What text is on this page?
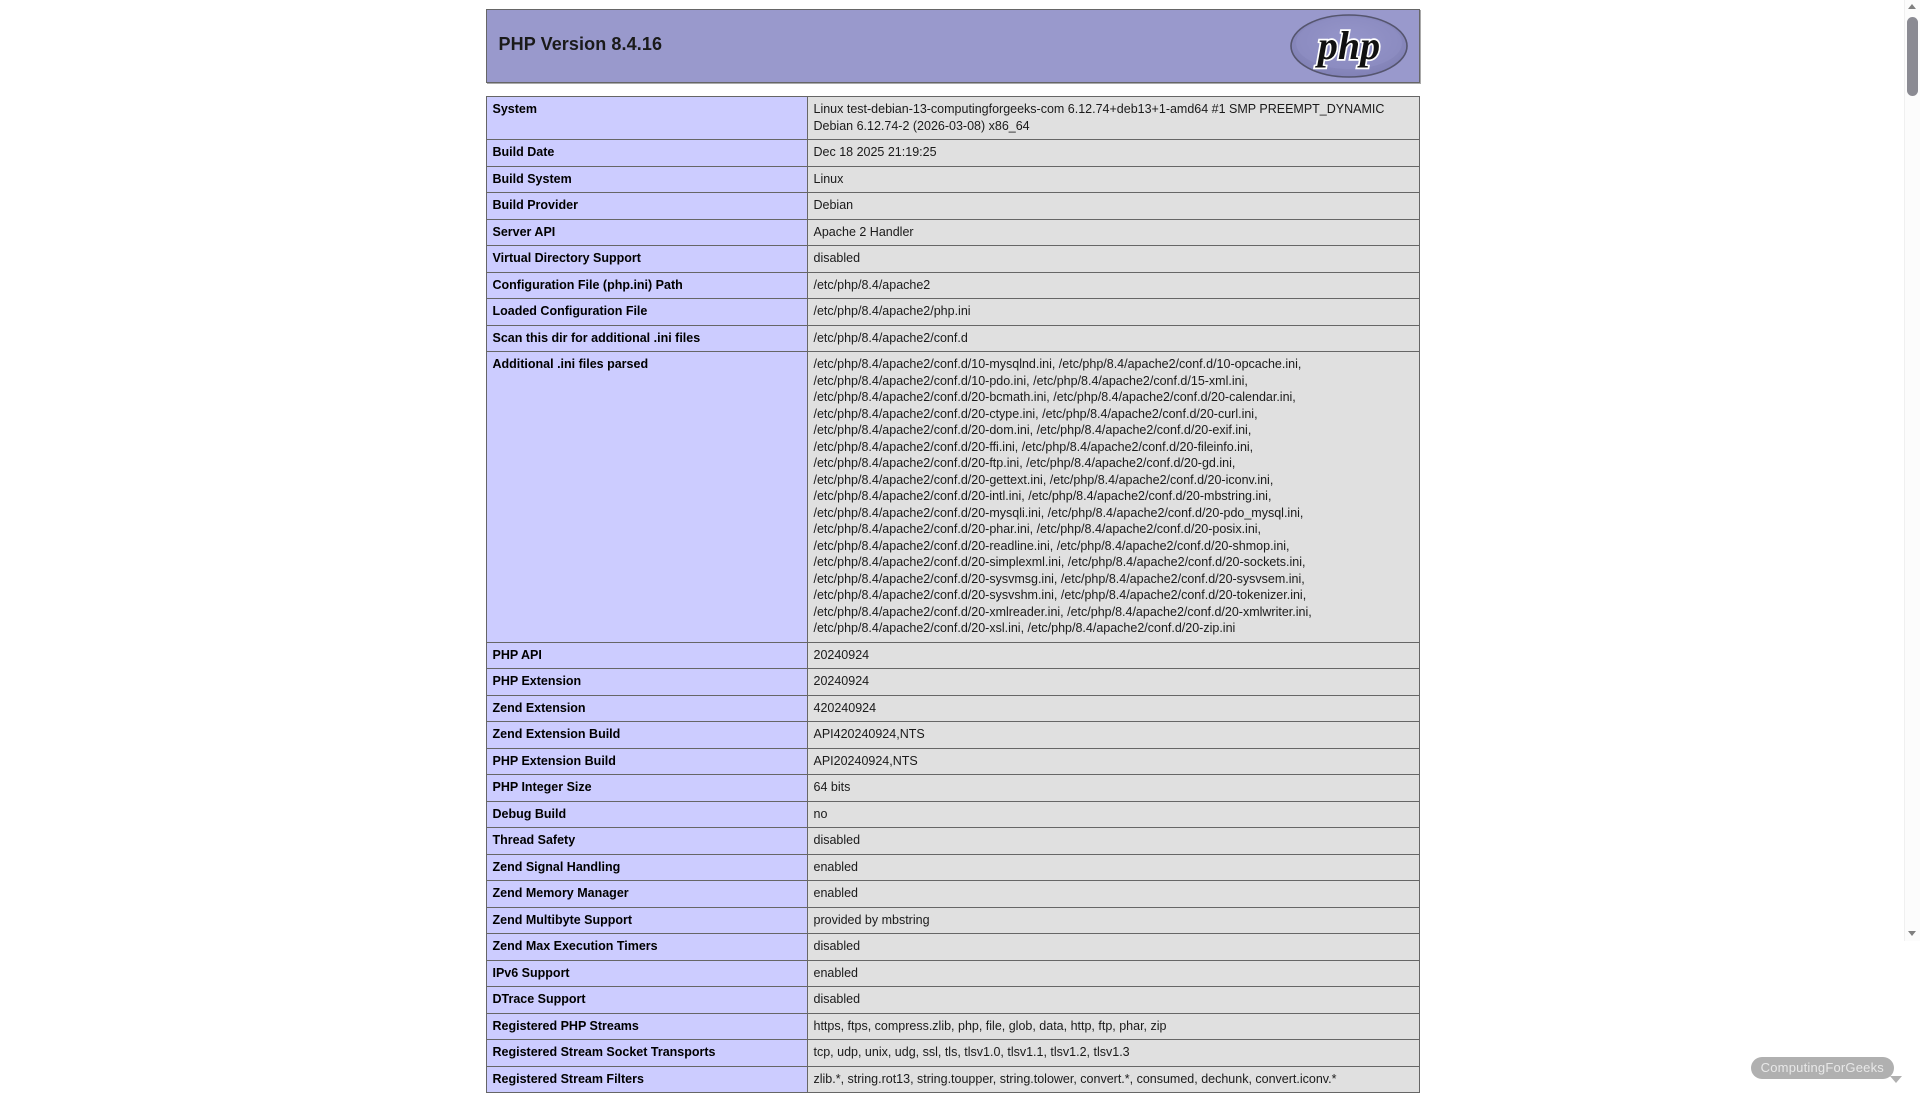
PHP Version 8.4.16	php
System	Linux test-debian-13-computingforgeeks-com 6.12.74+deb13+1-amd64 #1 SMP PREEMPT_DYNAMIC Debian 6.12.74-2 (2026-03-08) x86_64
Build Date	Dec 18 2025 21:19:25
Build System	Linux
Build Provider	Debian
Server API	Apache 2 Handler
Virtual Directory Support	disabled
Configuration File (php.ini) Path	/etc/php/8.4/apache2
Loaded Configuration File	/etc/php/8.4/apache2/php.ini
Scan this dir for additional .ini files	/etc/php/8.4/apache2/conf.d
Additional .ini files parsed	/etc/php/8.4/apache2/conf.d/10-mysqlnd.ini, /etc/php/8.4/apache2/conf.d/10-opcache.ini, /etc/php/8.4/apache2/conf.d/10-pdo.ini, /etc/php/8.4/apache2/conf.d/15-xml.ini, /etc/php/8.4/apache2/conf.d/20-bcmath.ini, /etc/php/8.4/apache2/conf.d/20-calendar.ini, /etc/php/8.4/apache2/conf.d/20-ctype.ini, /etc/php/8.4/apache2/conf.d/20-curl.ini, /etc/php/8.4/apache2/conf.d/20-dom.ini, /etc/php/8.4/apache2/conf.d/20-exif.ini, /etc/php/8.4/apache2/conf.d/20-ffi.ini, /etc/php/8.4/apache2/conf.d/20-fileinfo.ini, /etc/php/8.4/apache2/conf.d/20-ftp.ini, /etc/php/8.4/apache2/conf.d/20-gd.ini, /etc/php/8.4/apache2/conf.d/20-gettext.ini, /etc/php/8.4/apache2/conf.d/20-iconv.ini, /etc/php/8.4/apache2/conf.d/20-intl.ini, /etc/php/8.4/apache2/conf.d/20-mbstring.ini, /etc/php/8.4/apache2/conf.d/20-mysqli.ini, /etc/php/8.4/apache2/conf.d/20-pdo_mysql.ini, /etc/php/8.4/apache2/conf.d/20-phar.ini, /etc/php/8.4/apache2/conf.d/20-posix.ini, /etc/php/8.4/apache2/conf.d/20-readline.ini, /etc/php/8.4/apache2/conf.d/20-shmop.ini, /etc/php/8.4/apache2/conf.d/20-simplexml.ini, /etc/php/8.4/apache2/conf.d/20-sockets.ini, /etc/php/8.4/apache2/conf.d/20-sysvmsg.ini, /etc/php/8.4/apache2/conf.d/20-sysvsem.ini, /etc/php/8.4/apache2/conf.d/20-sysvshm.ini, /etc/php/8.4/apache2/conf.d/20-tokenizer.ini, /etc/php/8.4/apache2/conf.d/20-xmlreader.ini, /etc/php/8.4/apache2/conf.d/20-xmlwriter.ini, /etc/php/8.4/apache2/conf.d/20-xsl.ini, /etc/php/8.4/apache2/conf.d/20-zip.ini
PHP API	20240924
PHP Extension	20240924
Zend Extension	420240924
Zend Extension Build	API420240924,NTS
PHP Extension Build	API20240924,NTS
PHP Integer Size	64 bits
Debug Build	no
Thread Safety	disabled
Zend Signal Handling	enabled
Zend Memory Manager	enabled
Zend Multibyte Support	provided by mbstring
Zend Max Execution Timers	disabled
IPv6 Support	enabled
DTrace Support	disabled
Registered PHP Streams	https, ftps, compress.zlib, php, file, glob, data, http, ftp, phar, zip
Registered Stream Socket Transports	tcp, udp, unix, udg, ssl, tls, tlsv1.0, tlsv1.1, tlsv1.2, tlsv1.3
Registered Stream Filters	zlib.*, string.rot13, string.toupper, string.tolower, convert.*, consumed, dechunk, convert.iconv.*
ComputingForGeeks
